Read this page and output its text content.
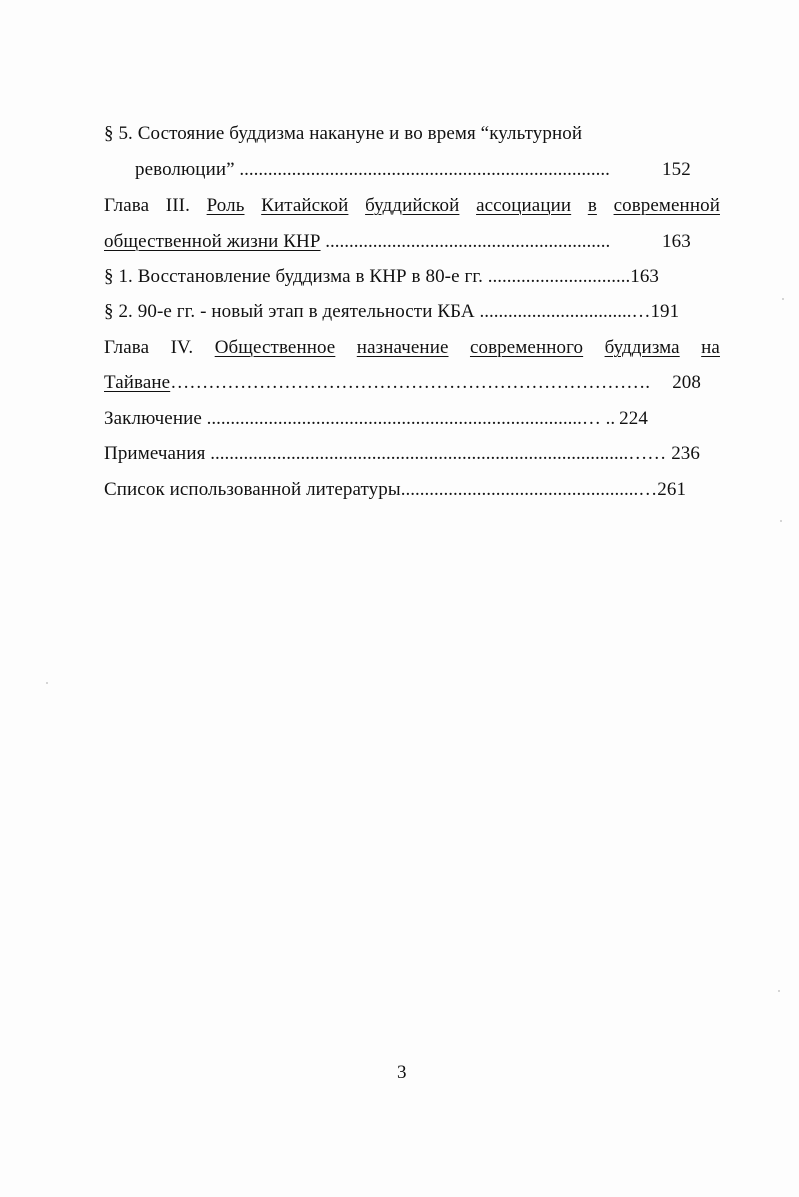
§ 5. Состояние буддизма накануне и во время “культурной
революции” ..............................................................................	152
Глава III. Роль Китайской буддийской ассоциации в современной
общественной жизни КНР ............................................................	163
§ 1. Восстановление буддизма в КНР в 80-е гг. ..............................163
§ 2. 90-е гг. - новый этап в деятельности КБА ................................…191
Глава IV. Общественное назначение современного буддизма на
Тайване…………………………………………………………………. 208
Заключение ...............................................................................… .. 224
Примечания ........................................................................................…… 236
Список использованной литературы..................................................…261
3
